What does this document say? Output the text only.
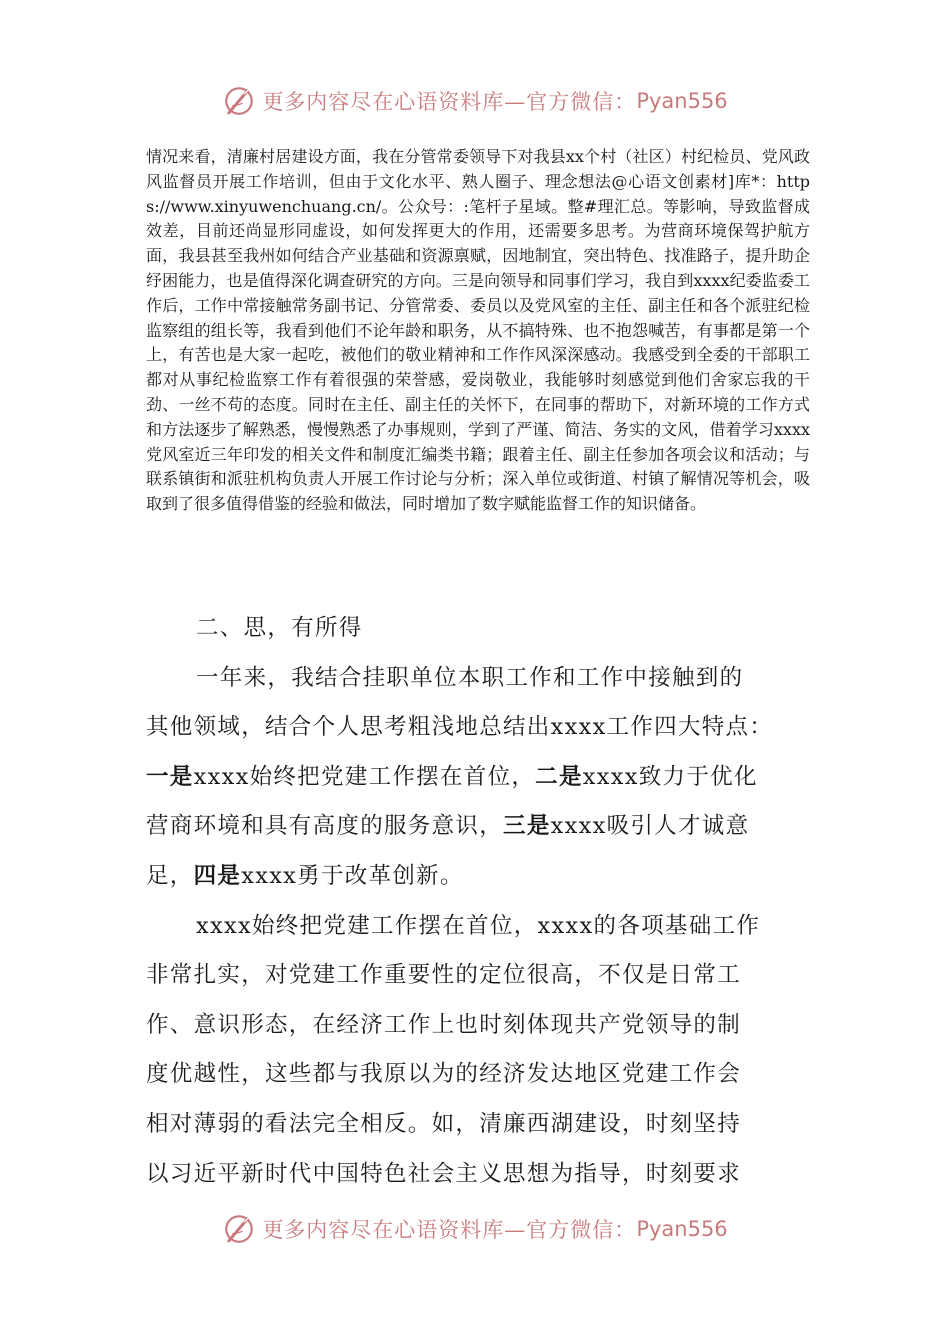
更多内容尽在心语资料库—官方微信： Pyan556

情况来看，清廉村居建设方面，我在分管常委领导下对我县xx个村（社区）村纪检员、党风政风监督员开展工作培训，但由于文化水平、熟人圈子、理念想法@心语文创素材]库*：https://www.xinyuwenchuang.cn/。公众号：:笔杆子星域。整#理汇总。等影响，导致监督成效差，目前还尚显形同虚设，如何发挥更大的作用，还需要多思考。为营商环境保驾护航方面，我县甚至我州如何结合产业基础和资源禀赋，因地制宜，突出特色、找准路子，提升助企纾困能力，也是值得深化调查研究的方向。三是向领导和同事们学习，我自到xxxx纪委监委工作后，工作中常接触常务副书记、分管常委、委员以及党风室的主任、副主任和各个派驻纪检监察组的组长等，我看到他们不论年龄和职务，从不搞特殊、也不抱怨喊苦，有事都是第一个上，有苦也是大家一起吃，被他们的敬业精神和工作作风深深感动。我感受到全委的干部职工都对从事纪检监察工作有着很强的荣誉感，爱岗敬业，我能够时刻感觉到他们舍家忘我的干劲、一丝不苟的态度。同时在主任、副主任的关怀下，在同事的帮助下，对新环境的工作方式和方法逐步了解熟悉，慢慢熟悉了办事规则，学到了严谨、简洁、务实的文风，借着学习xxxx党风室近三年印发的相关文件和制度汇编类书籍；跟着主任、副主任参加各项会议和活动；与联系镇街和派驻机构负责人开展工作讨论与分析；深入单位或街道、村镇了解情况等机会，吸取到了很多值得借鉴的经验和做法，同时增加了数字赋能监督工作的知识储备。

二、思，有所得
一年来，我结合挂职单位本职工作和工作中接触到的
其他领域，结合个人思考粗浅地总结出xxxx工作四大特点：
一是xxxx始终把党建工作摆在首位，二是xxxx致力于优化
营商环境和具有高度的服务意识，三是xxxx吸引人才诚意
足，四是xxxx勇于改革创新。
xxxx始终把党建工作摆在首位，xxxx的各项基础工作
非常扎实，对党建工作重要性的定位很高，不仅是日常工
作、意识形态，在经济工作上也时刻体现共产党领导的制
度优越性，这些都与我原以为的经济发达地区党建工作会
相对薄弱的看法完全相反。如，清廉西湖建设，时刻坚持
以习近平新时代中国特色社会主义思想为指导，时刻要求
更多内容尽在心语资料库—官方微信： Pyan556
